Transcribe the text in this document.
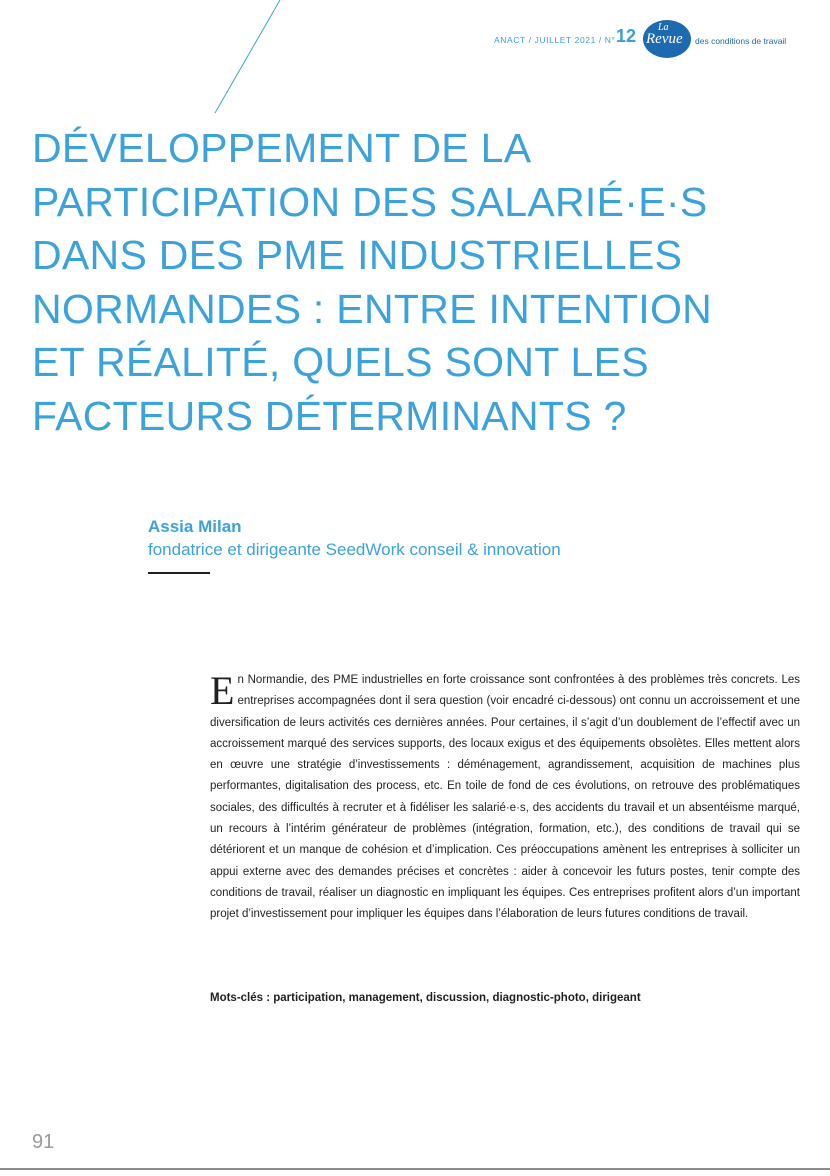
ANACT / JUILLET 2021 / N° 12 La
Revue des conditions de travail
DÉVELOPPEMENT DE LA
PARTICIPATION DES SALARIÉ·E·S
DANS DES PME INDUSTRIELLES
NORMANDES : ENTRE INTENTION
ET RÉALITÉ, QUELS SONT LES
FACTEURS DÉTERMINANTS ?
Assia Milan
fondatrice et dirigeante SeedWork conseil & innovation

En Normandie, des PME industrielles en forte croissance sont confrontées à des problèmes très concrets. Les entreprises accompagnées dont il sera question (voir encadré ci-dessous) ont connu un accroissement et une diversification de leurs activités ces dernières années. Pour certaines, il s’agit d’un doublement de l’effectif avec un accroissement marqué des services supports, des locaux exigus et des équipements obsolètes. Elles mettent alors en œuvre une stratégie d’investissements : déménagement, agrandissement, acquisition de machines plus performantes, digitalisation des process, etc. En toile de fond de ces évolutions, on retrouve des problématiques sociales, des difficultés à recruter et à fidéliser les salarié·e·s, des accidents du travail et un absentéisme marqué, un recours à l’intérim générateur de problèmes (intégration, formation, etc.), des conditions de travail qui se détériorent et un manque de cohésion et d’implication. Ces préoccupations amènent les entreprises à solliciter un appui externe avec des demandes précises et concrètes : aider à concevoir les futurs postes, tenir compte des conditions de travail, réaliser un diagnostic en impliquant les équipes. Ces entreprises profitent alors d’un important projet d’investissement pour impliquer les équipes dans l’élaboration de leurs futures conditions de travail.

Mots-clés : participation, management, discussion, diagnostic-photo, dirigeant
91
